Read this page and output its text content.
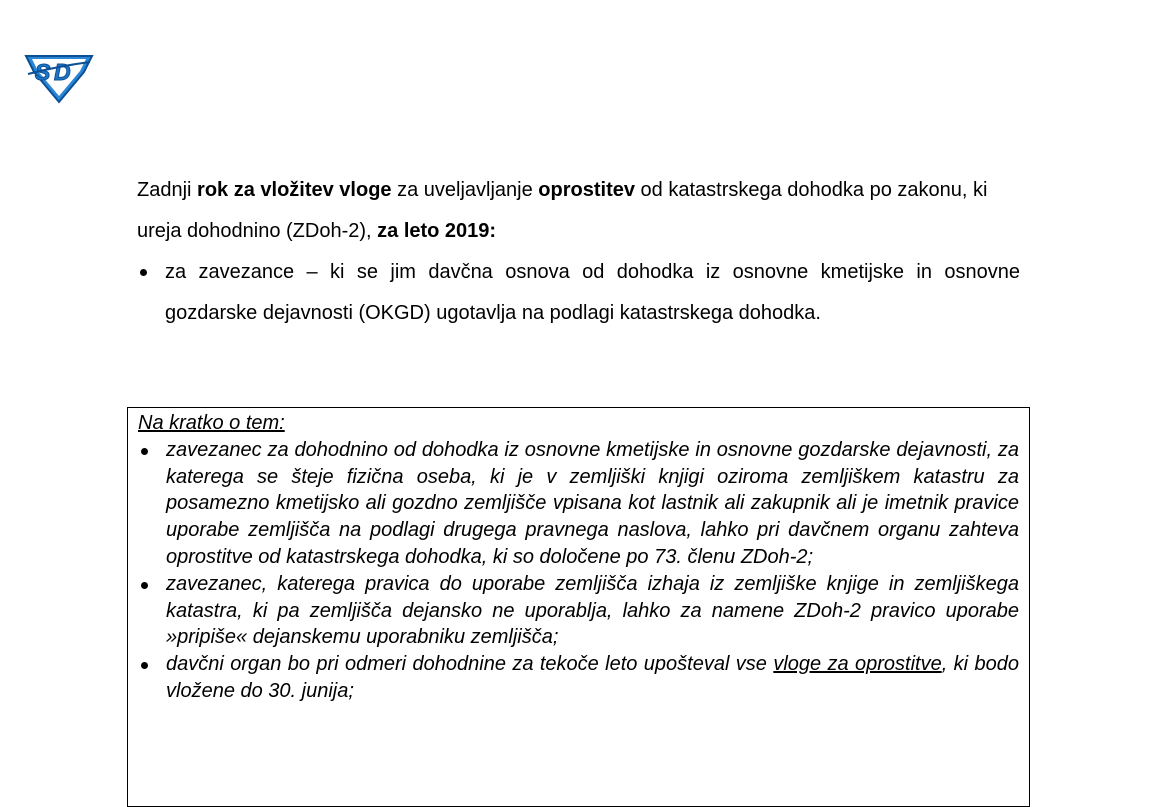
S D

Zadnji rok za vložitev vloge za uveljavljanje oprostitev od katastrskega dohodka po zakonu, ki ureja dohodnino (ZDoh-2), za leto 2019:

za zavezance – ki se jim davčna osnova od dohodka iz osnovne kmetijske in osnovne gozdarske dejavnosti (OKGD) ugotavlja na podlagi katastrskega dohodka.
Na kratko o tem:
zavezanec za dohodnino od dohodka iz osnovne kmetijske in osnovne gozdarske dejavnosti, za katerega se šteje fizična oseba, ki je v zemljiški knjigi oziroma zemljiškem katastru za posamezno kmetijsko ali gozdno zemljišče vpisana kot lastnik ali zakupnik ali je imetnik pravice uporabe zemljišča na podlagi drugega pravnega naslova, lahko pri davčnem organu zahteva oprostitve od katastrskega dohodka, ki so določene po 73. členu ZDoh-2;
zavezanec, katerega pravica do uporabe zemljišča izhaja iz zemljiške knjige in zemljiškega katastra, ki pa zemljišča dejansko ne uporablja, lahko za namene ZDoh-2 pravico uporabe »pripiše« dejanskemu uporabniku zemljišča;
davčni organ bo pri odmeri dohodnine za tekoče leto upošteval vse vloge za oprostitve, ki bodo vložene do 30. junija;
